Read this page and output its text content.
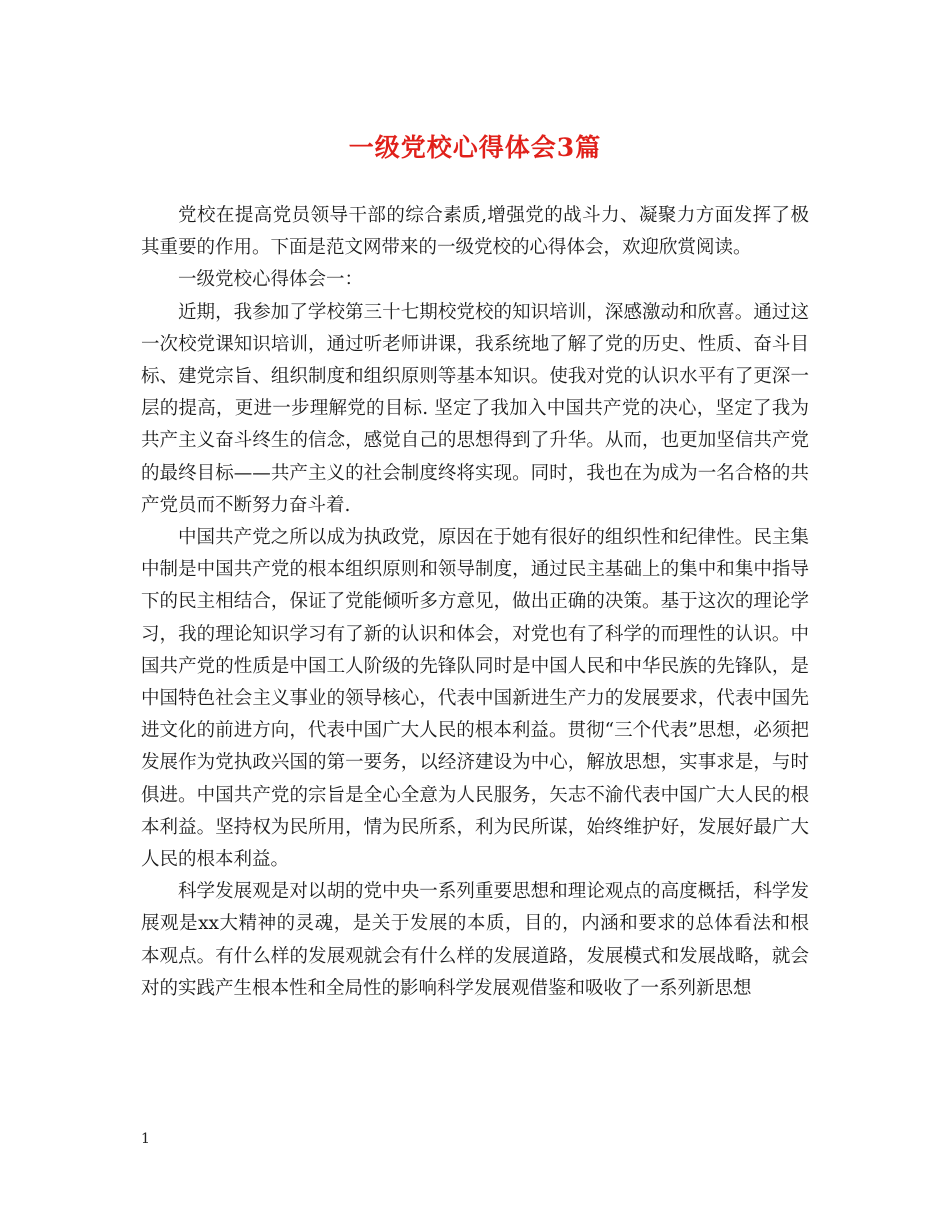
一级党校心得体会3篇

党校在提高党员领导干部的综合素质,增强党的战斗力、凝聚力方面发挥了极其重要的作用。下面是范文网带来的一级党校的心得体会，欢迎欣赏阅读。

一级党校心得体会一：

近期，我参加了学校第三十七期校党校的知识培训，深感激动和欣喜。通过这一次校党课知识培训，通过听老师讲课，我系统地了解了党的历史、性质、奋斗目标、建党宗旨、组织制度和组织原则等基本知识。使我对党的认识水平有了更深一层的提高，更进一步理解党的目标. 坚定了我加入中国共产党的决心，坚定了我为共产主义奋斗终生的信念，感觉自己的思想得到了升华。从而，也更加坚信共产党的最终目标——共产主义的社会制度终将实现。同时，我也在为成为一名合格的共产党员而不断努力奋斗着.

中国共产党之所以成为执政党，原因在于她有很好的组织性和纪律性。民主集中制是中国共产党的根本组织原则和领导制度，通过民主基础上的集中和集中指导下的民主相结合，保证了党能倾听多方意见，做出正确的决策。基于这次的理论学习，我的理论知识学习有了新的认识和体会，对党也有了科学的而理性的认识。中国共产党的性质是中国工人阶级的先锋队同时是中国人民和中华民族的先锋队，是中国特色社会主义事业的领导核心，代表中国新进生产力的发展要求，代表中国先进文化的前进方向，代表中国广大人民的根本利益。贯彻“三个代表”思想，必须把发展作为党执政兴国的第一要务，以经济建设为中心，解放思想，实事求是，与时俱进。中国共产党的宗旨是全心全意为人民服务，矢志不渝代表中国广大人民的根本利益。坚持权为民所用，情为民所系，利为民所谋，始终维护好，发展好最广大人民的根本利益。

科学发展观是对以胡的党中央一系列重要思想和理论观点的高度概括，科学发展观是xx大精神的灵魂，是关于发展的本质，目的，内涵和要求的总体看法和根本观点。有什么样的发展观就会有什么样的发展道路，发展模式和发展战略，就会对的实践产生根本性和全局性的影响科学发展观借鉴和吸收了一系列新思想

1
